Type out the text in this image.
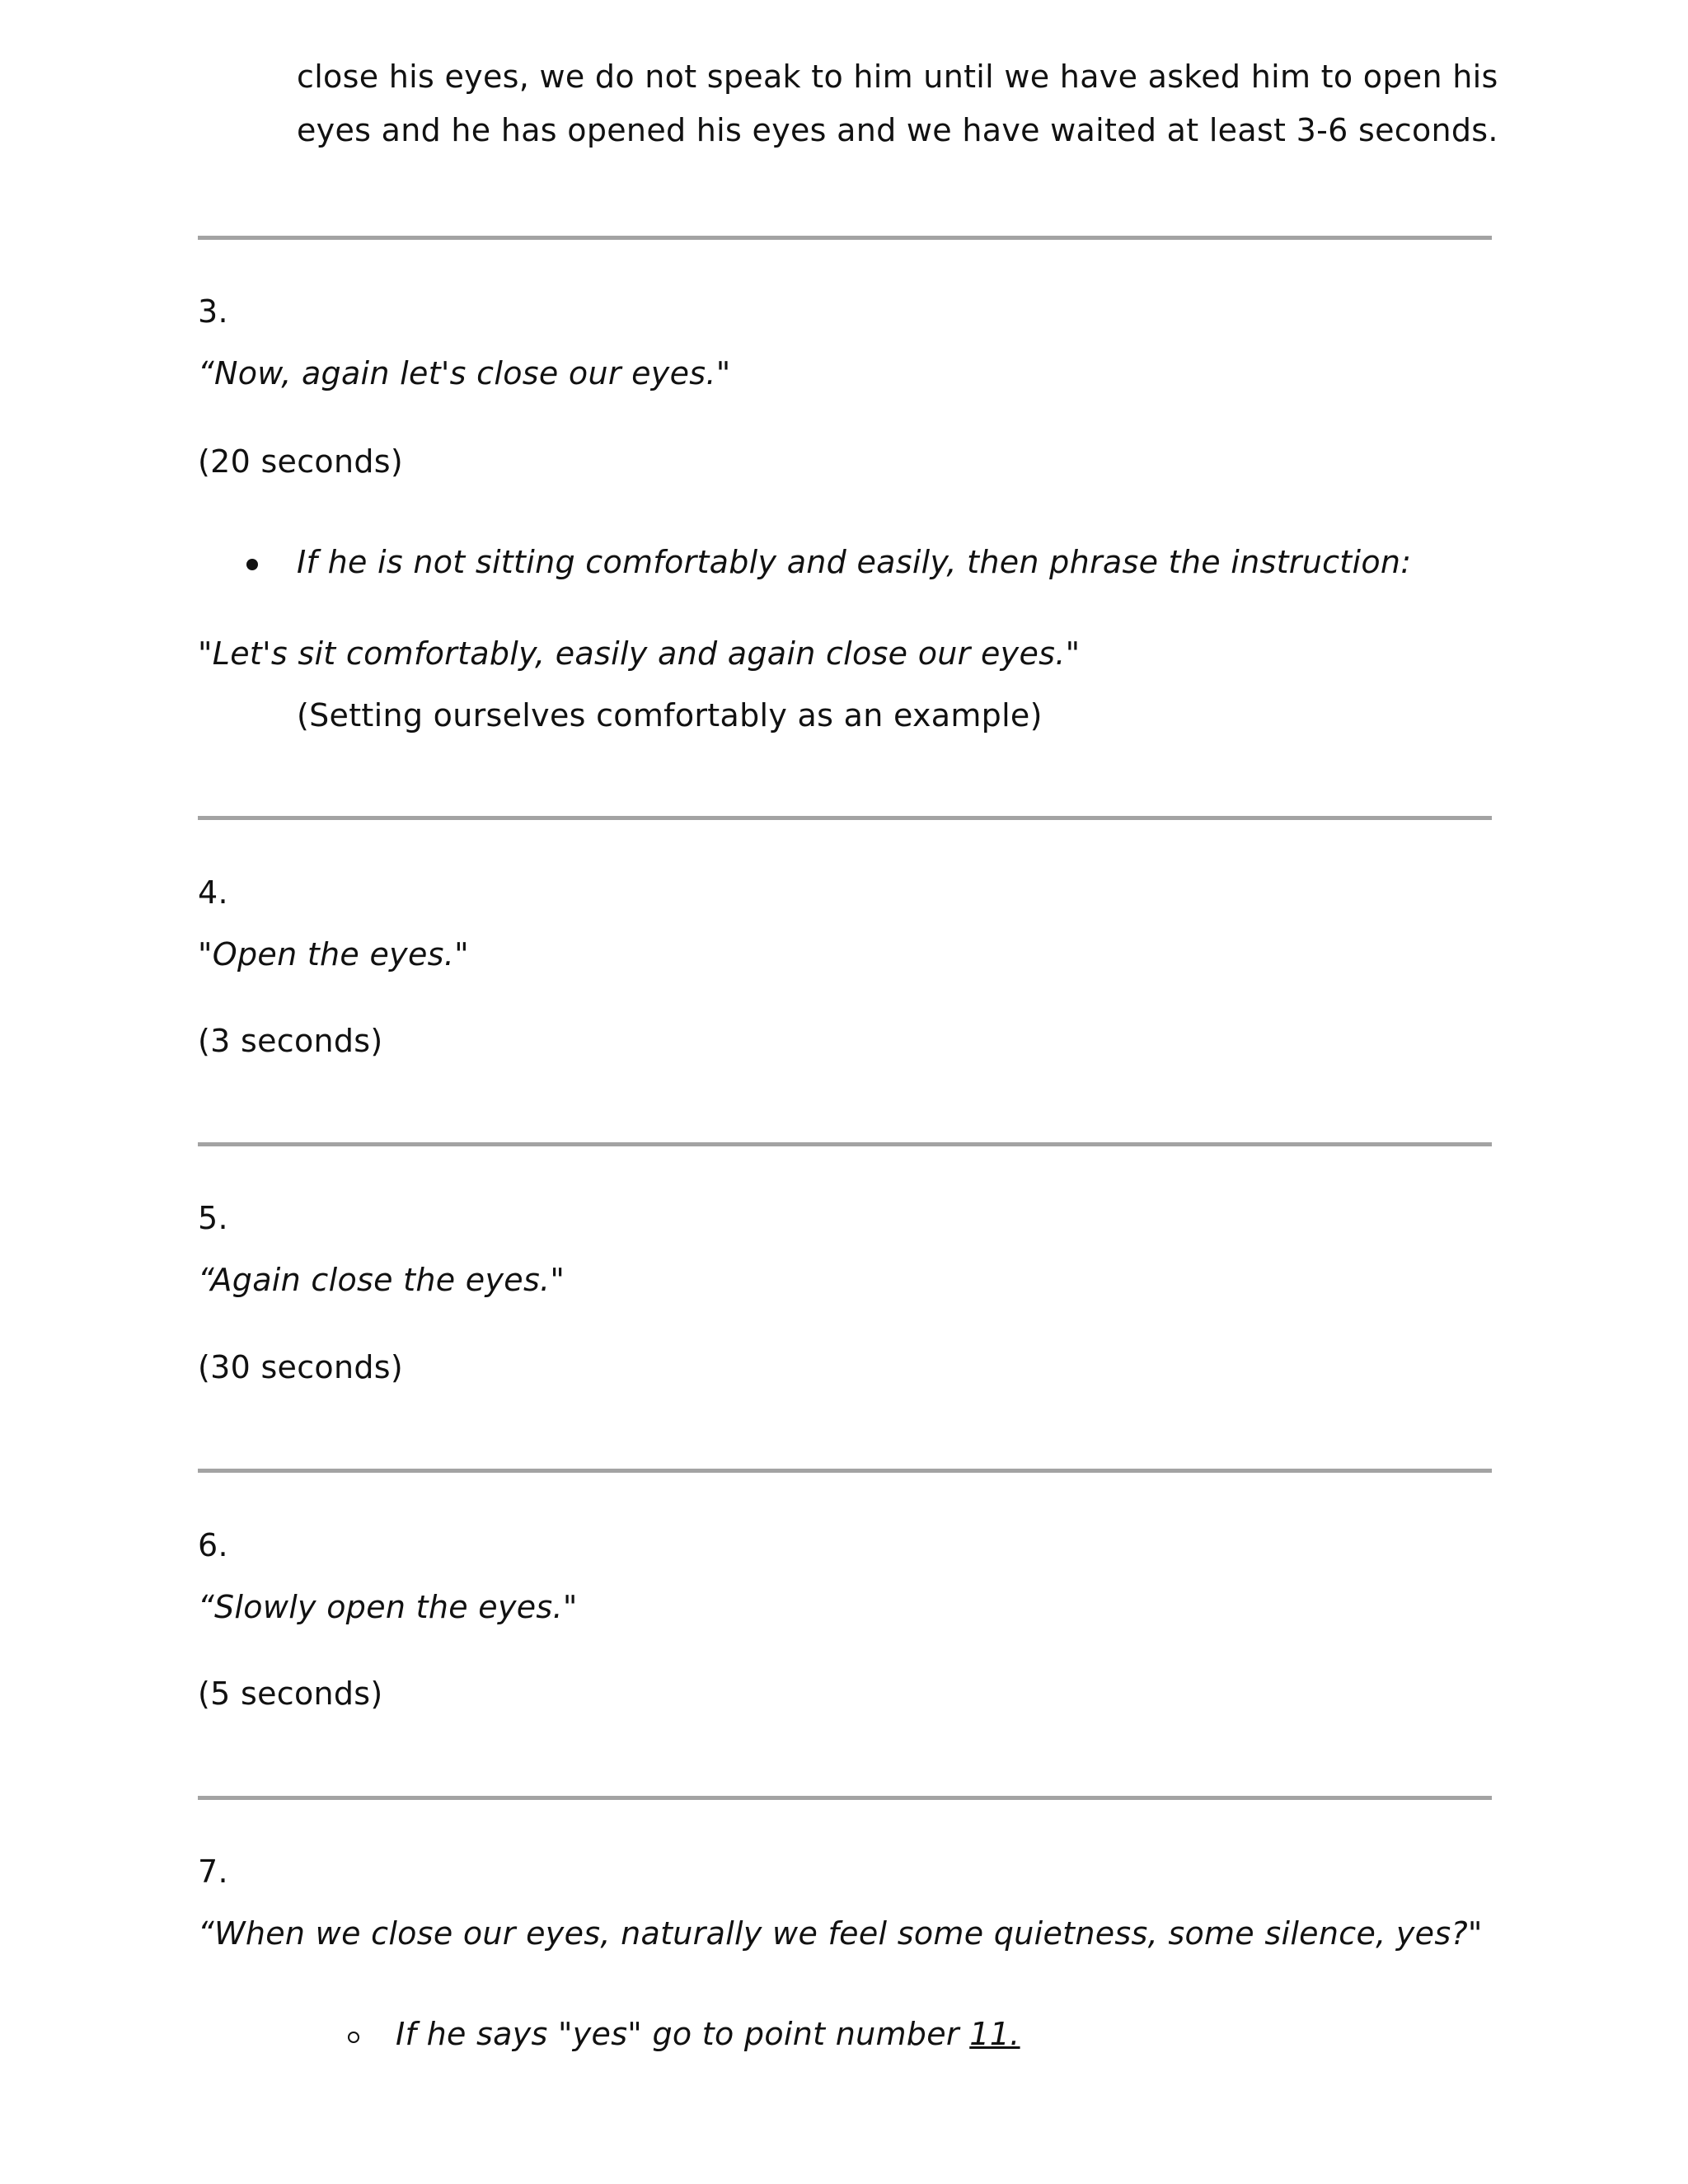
close his eyes, we do not speak to him until we have asked him to open his
eyes and he has opened his eyes and we have waited at least 3-6 seconds.
3.
“Now, again let's close our eyes."
(20 seconds)
If he is not sitting comfortably and easily, then phrase the instruction:
"Let's sit comfortably, easily and again close our eyes."
(Setting ourselves comfortably as an example)
4.
"Open the eyes."
(3 seconds)
5.
“Again close the eyes."
(30 seconds)
6.
“Slowly open the eyes."
(5 seconds)
7.
“When we close our eyes, naturally we feel some quietness, some silence, yes?"
If he says "yes" go to point number 11.
